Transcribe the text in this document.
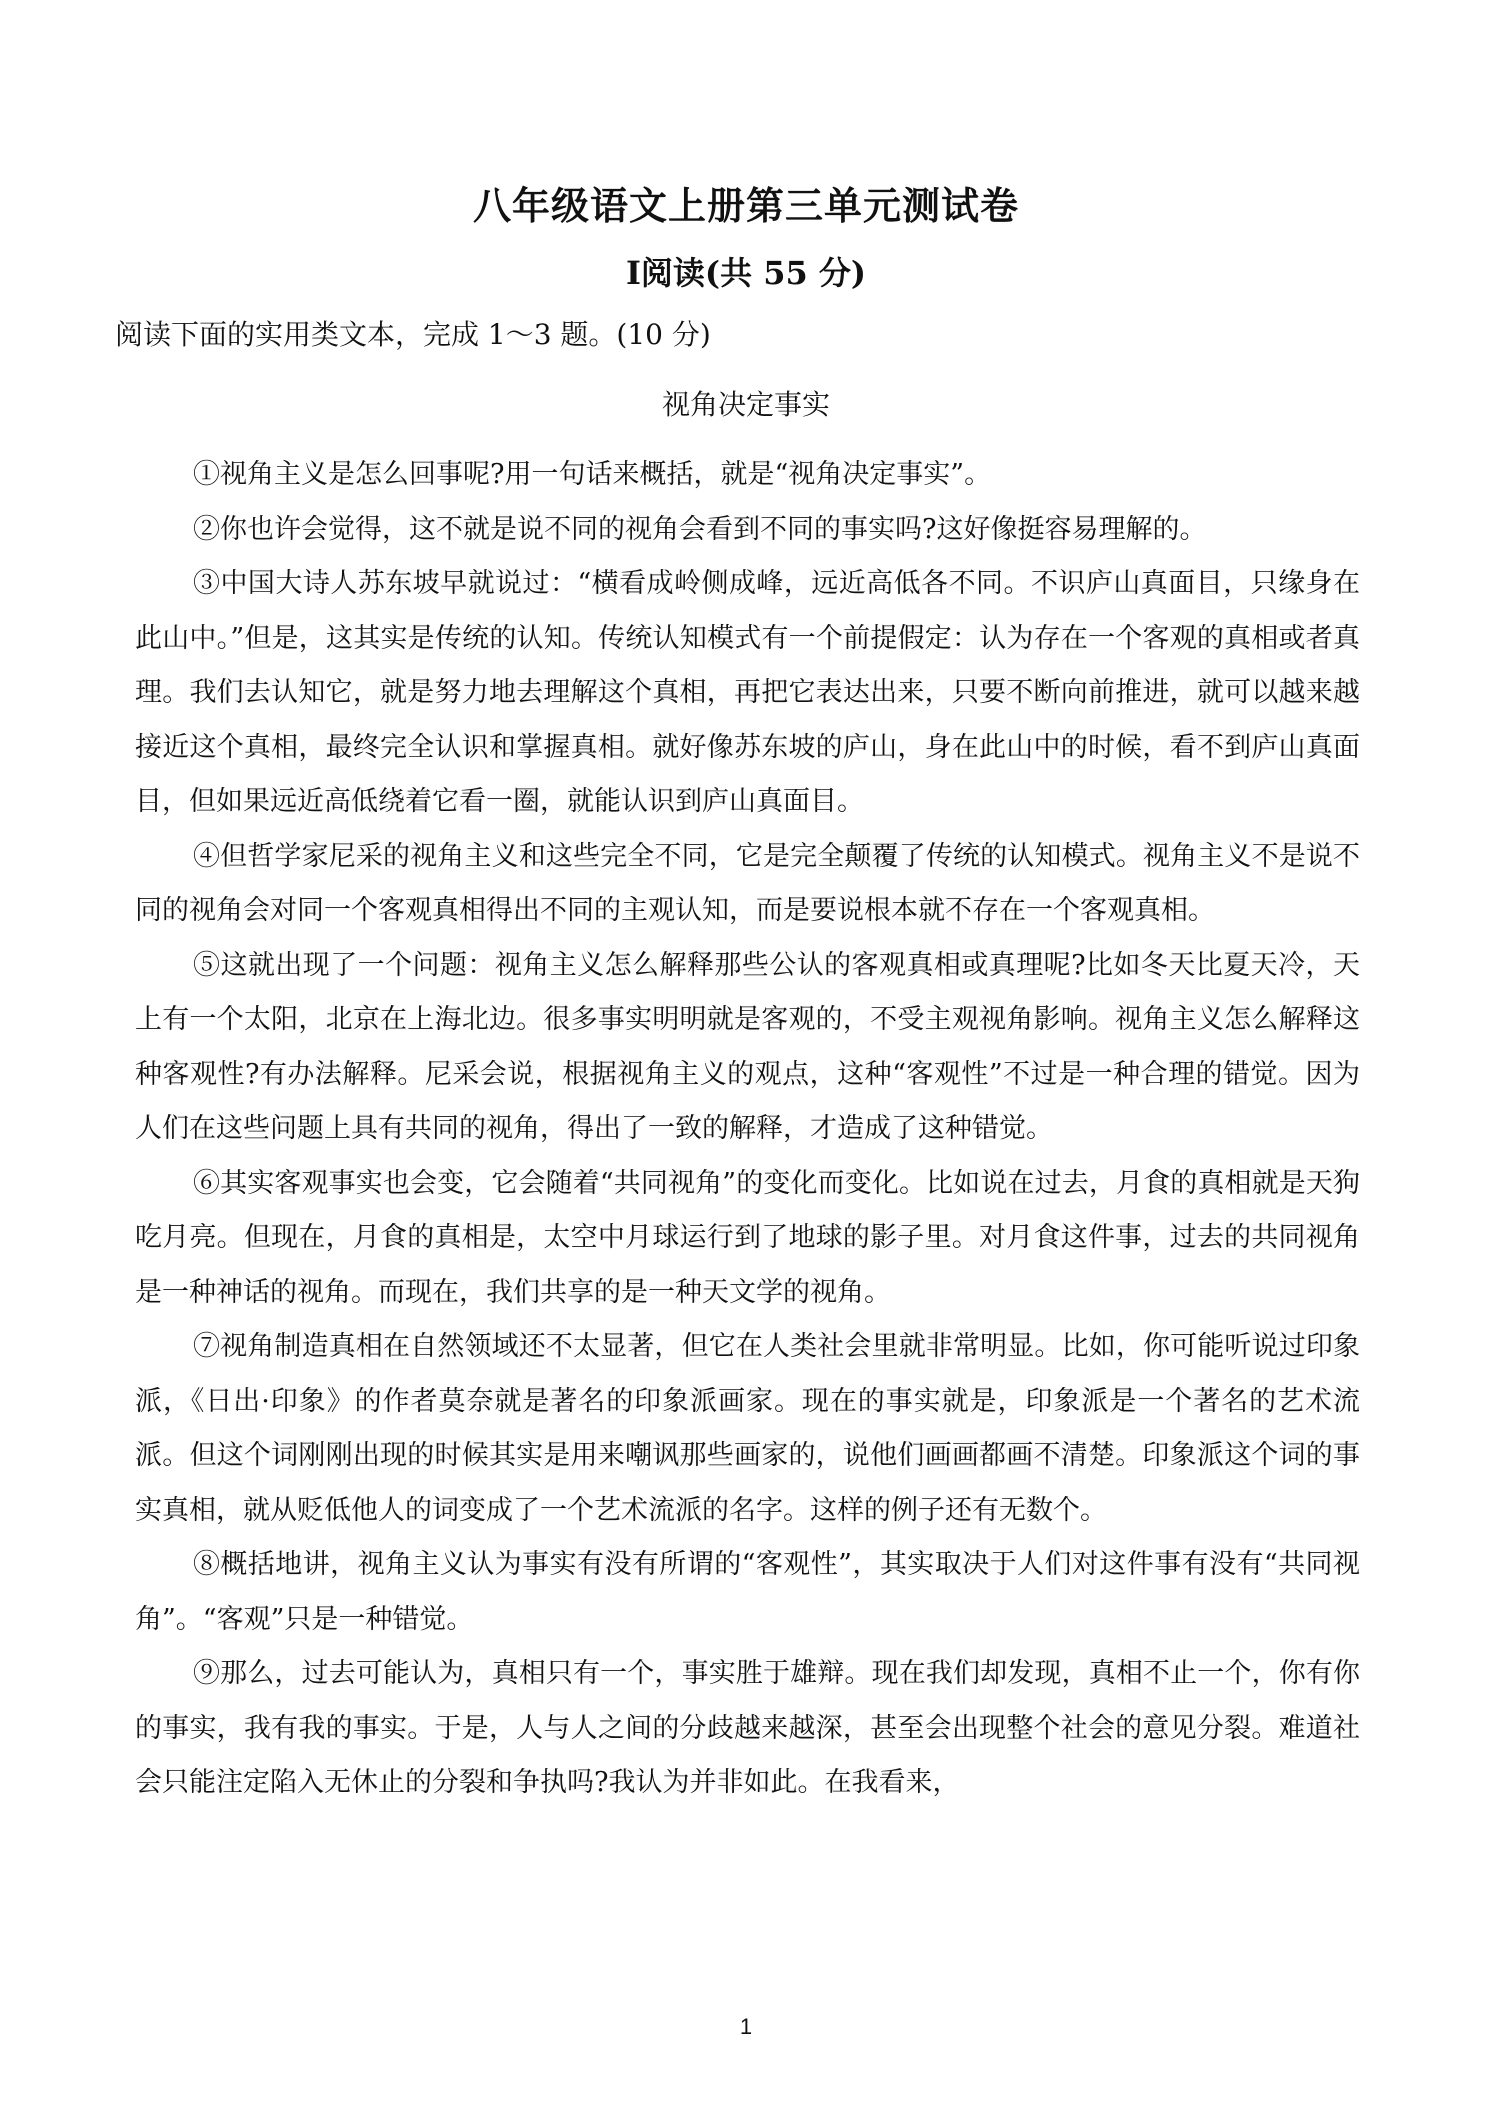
八年级语文上册第三单元测试卷
Ⅰ阅读(共 55 分)
阅读下面的实用类文本，完成 1～3 题。(10 分)
视角决定事实

①视角主义是怎么回事呢?用一句话来概括，就是“视角决定事实”。

②你也许会觉得，这不就是说不同的视角会看到不同的事实吗?这好像挺容易理解的。

③中国大诗人苏东坡早就说过：“横看成岭侧成峰，远近高低各不同。不识庐山真面目，只缘身在此山中。”但是，这其实是传统的认知。传统认知模式有一个前提假定：认为存在一个客观的真相或者真理。我们去认知它，就是努力地去理解这个真相，再把它表达出来，只要不断向前推进，就可以越来越接近这个真相，最终完全认识和掌握真相。就好像苏东坡的庐山，身在此山中的时候，看不到庐山真面目，但如果远近高低绕着它看一圈，就能认识到庐山真面目。

④但哲学家尼采的视角主义和这些完全不同，它是完全颠覆了传统的认知模式。视角主义不是说不同的视角会对同一个客观真相得出不同的主观认知，而是要说根本就不存在一个客观真相。

⑤这就出现了一个问题：视角主义怎么解释那些公认的客观真相或真理呢?比如冬天比夏天冷，天上有一个太阳，北京在上海北边。很多事实明明就是客观的，不受主观视角影响。视角主义怎么解释这种客观性?有办法解释。尼采会说，根据视角主义的观点，这种“客观性”不过是一种合理的错觉。因为人们在这些问题上具有共同的视角，得出了一致的解释，才造成了这种错觉。

⑥其实客观事实也会变，它会随着“共同视角”的变化而变化。比如说在过去，月食的真相就是天狗吃月亮。但现在，月食的真相是，太空中月球运行到了地球的影子里。对月食这件事，过去的共同视角是一种神话的视角。而现在，我们共享的是一种天文学的视角。

⑦视角制造真相在自然领域还不太显著，但它在人类社会里就非常明显。比如，你可能听说过印象派，《日出·印象》的作者莫奈就是著名的印象派画家。现在的事实就是，印象派是一个著名的艺术流派。但这个词刚刚出现的时候其实是用来嘲讽那些画家的，说他们画画都画不清楚。印象派这个词的事实真相，就从贬低他人的词变成了一个艺术流派的名字。这样的例子还有无数个。

⑧概括地讲，视角主义认为事实有没有所谓的“客观性”，其实取决于人们对这件事有没有“共同视角”。“客观”只是一种错觉。

⑨那么，过去可能认为，真相只有一个，事实胜于雄辩。现在我们却发现，真相不止一个，你有你的事实，我有我的事实。于是，人与人之间的分歧越来越深，甚至会出现整个社会的意见分裂。难道社会只能注定陷入无休止的分裂和争执吗?我认为并非如此。在我看来，

1
